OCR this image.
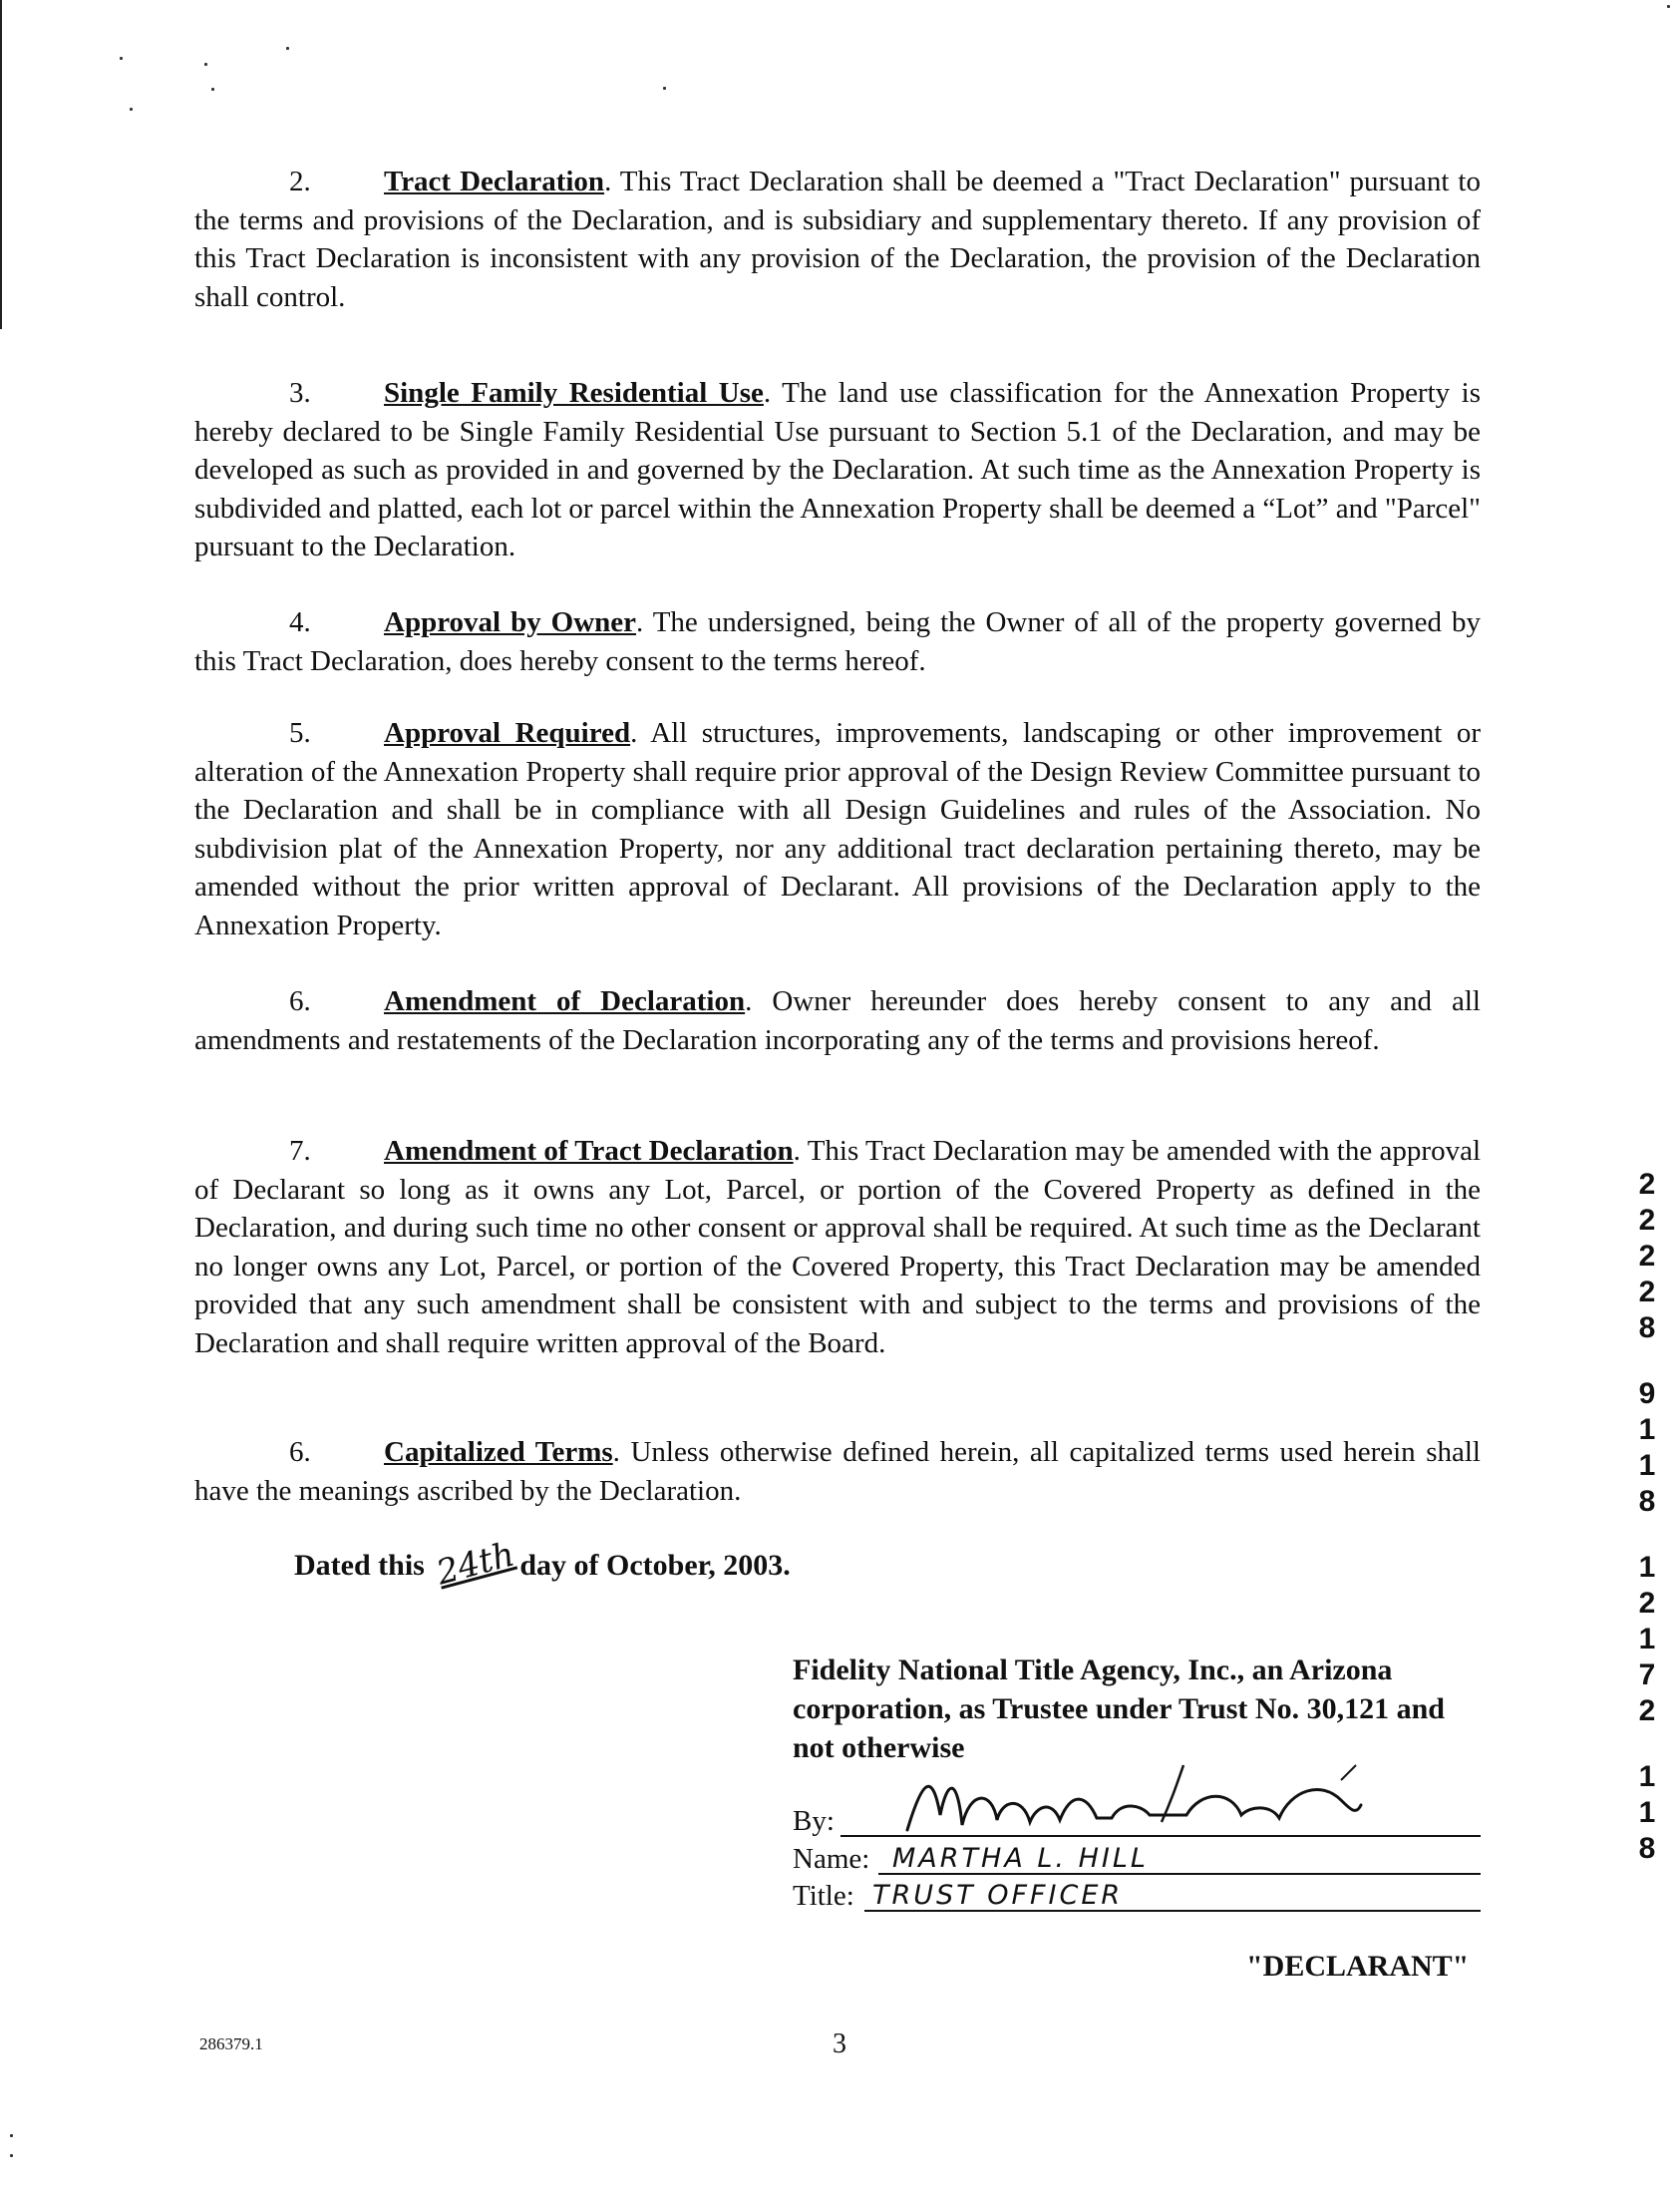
2.	Tract Declaration. This Tract Declaration shall be deemed a "Tract Declaration" pursuant to the terms and provisions of the Declaration, and is subsidiary and supplementary thereto. If any provision of this Tract Declaration is inconsistent with any provision of the Declaration, the provision of the Declaration shall control.

3.	Single Family Residential Use. The land use classification for the Annexation Property is hereby declared to be Single Family Residential Use pursuant to Section 5.1 of the Declaration, and may be developed as such as provided in and governed by the Declaration. At such time as the Annexation Property is subdivided and platted, each lot or parcel within the Annexation Property shall be deemed a “Lot” and "Parcel" pursuant to the Declaration.

4.	Approval by Owner. The undersigned, being the Owner of all of the property governed by this Tract Declaration, does hereby consent to the terms hereof.

5.	Approval Required. All structures, improvements, landscaping or other improvement or alteration of the Annexation Property shall require prior approval of the Design Review Committee pursuant to the Declaration and shall be in compliance with all Design Guidelines and rules of the Association. No subdivision plat of the Annexation Property, nor any additional tract declaration pertaining thereto, may be amended without the prior written approval of Declarant. All provisions of the Declaration apply to the Annexation Property.

6.	Amendment of Declaration. Owner hereunder does hereby consent to any and all amendments and restatements of the Declaration incorporating any of the terms and provisions hereof.

7.	Amendment of Tract Declaration. This Tract Declaration may be amended with the approval of Declarant so long as it owns any Lot, Parcel, or portion of the Covered Property as defined in the Declaration, and during such time no other consent or approval shall be required. At such time as the Declarant no longer owns any Lot, Parcel, or portion of the Covered Property, this Tract Declaration may be amended provided that any such amendment shall be consistent with and subject to the terms and provisions of the Declaration and shall require written approval of the Board.

6.	Capitalized Terms. Unless otherwise defined herein, all capitalized terms used herein shall have the meanings ascribed by the Declaration.

Dated this 24thday of October, 2003.
Fidelity National Title Agency, Inc., an Arizona corporation, as Trustee under Trust No. 30,121 and not otherwise
By:
Name: MARTHA L. HILL
Title: TRUST OFFICER
"DECLARANT"
286379.1	3
2
2
2
2
8
9
1
1
8
1
2
1
7
2
1
1
8
